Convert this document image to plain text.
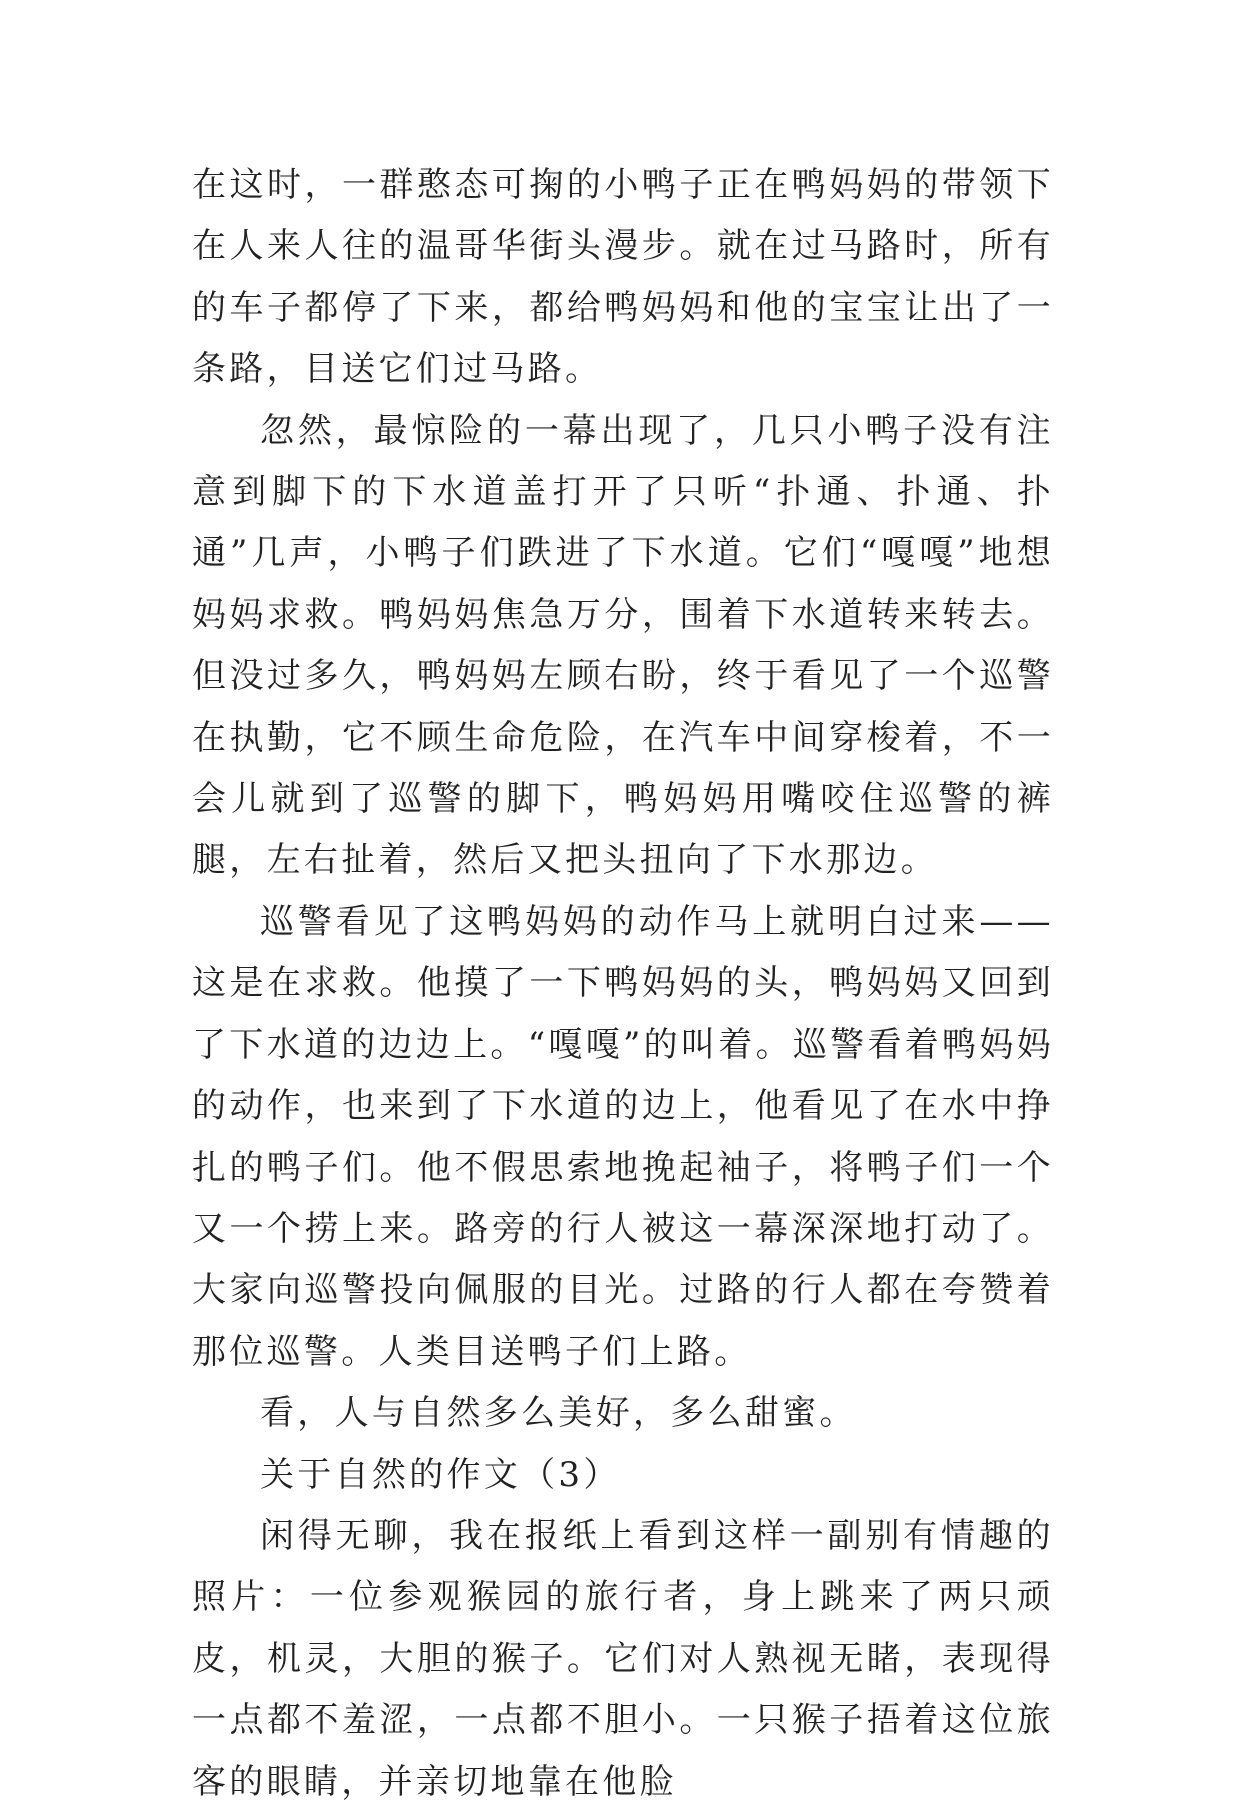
在这时，一群憨态可掬的小鸭子正在鸭妈妈的带领下在人来人往的温哥华街头漫步。就在过马路时，所有的车子都停了下来，都给鸭妈妈和他的宝宝让出了一条路，目送它们过马路。

忽然，最惊险的一幕出现了，几只小鸭子没有注意到脚下的下水道盖打开了只听“扑通、扑通、扑通”几声，小鸭子们跌进了下水道。它们“嘎嘎”地想妈妈求救。鸭妈妈焦急万分，围着下水道转来转去。但没过多久，鸭妈妈左顾右盼，终于看见了一个巡警在执勤，它不顾生命危险，在汽车中间穿梭着，不一会儿就到了巡警的脚下，鸭妈妈用嘴咬住巡警的裤腿，左右扯着，然后又把头扭向了下水那边。

巡警看见了这鸭妈妈的动作马上就明白过来——这是在求救。他摸了一下鸭妈妈的头，鸭妈妈又回到了下水道的边边上。“嘎嘎”的叫着。巡警看着鸭妈妈的动作，也来到了下水道的边上，他看见了在水中挣扎的鸭子们。他不假思索地挽起袖子，将鸭子们一个又一个捞上来。路旁的行人被这一幕深深地打动了。大家向巡警投向佩服的目光。过路的行人都在夸赞着那位巡警。人类目送鸭子们上路。

看，人与自然多么美好，多么甜蜜。

关于自然的作文（3）

闲得无聊，我在报纸上看到这样一副别有情趣的照片：一位参观猴园的旅行者，身上跳来了两只顽皮，机灵，大胆的猴子。它们对人熟视无睹，表现得一点都不羞涩，一点都不胆小。一只猴子捂着这位旅客的眼睛，并亲切地靠在他脸
